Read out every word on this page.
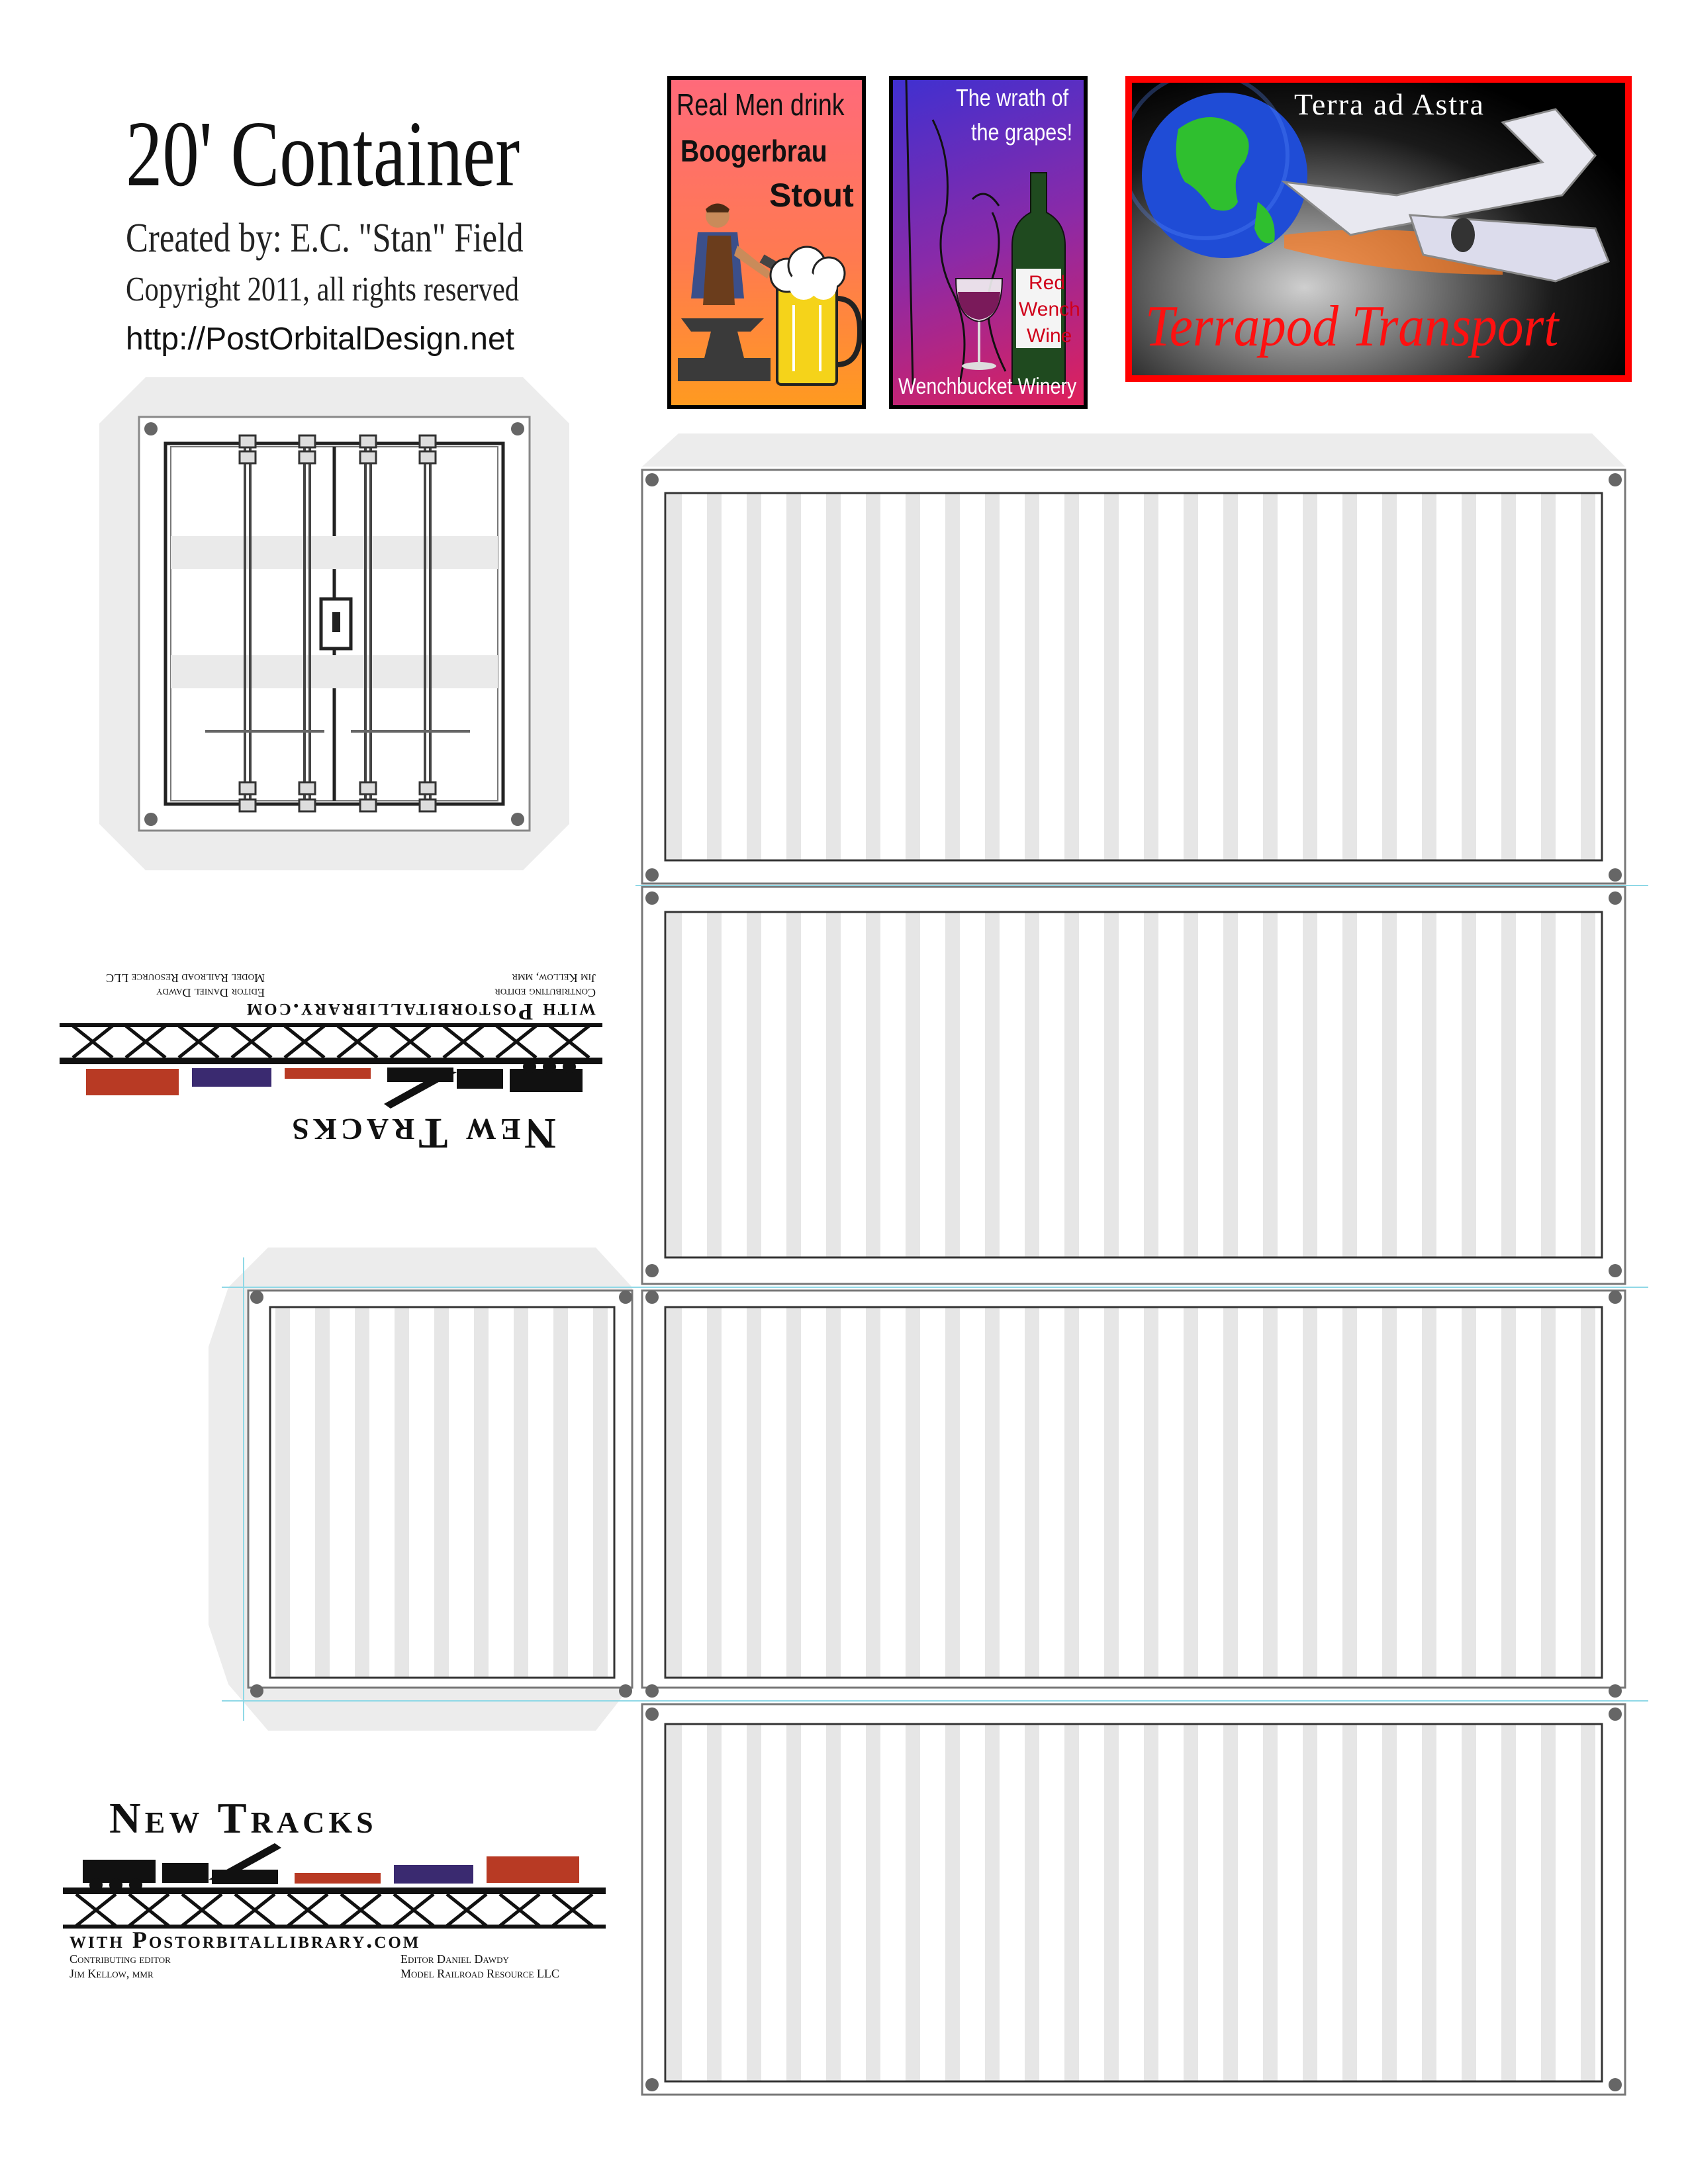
20' Container
Created by: E.C. "Stan" Field
Copyright 2011, all rights reserved
http://PostOrbitalDesign.net
Real Men drink
Boogerbrau
Stout
The wrath of
the grapes!
Red
Wench
Wine
Wenchbucket Winery
Terra ad Astra
Terrapod Transport
New Tracks
with Postorbitallibrary.com
Contributing editor
Jim Kellow, mmr
Editor Daniel Dawdy
Model Railroad Resource LLC
New Tracks
with Postorbitallibrary.com
Contributing editor
Jim Kellow, mmr
Editor Daniel Dawdy
Model Railroad Resource LLC
